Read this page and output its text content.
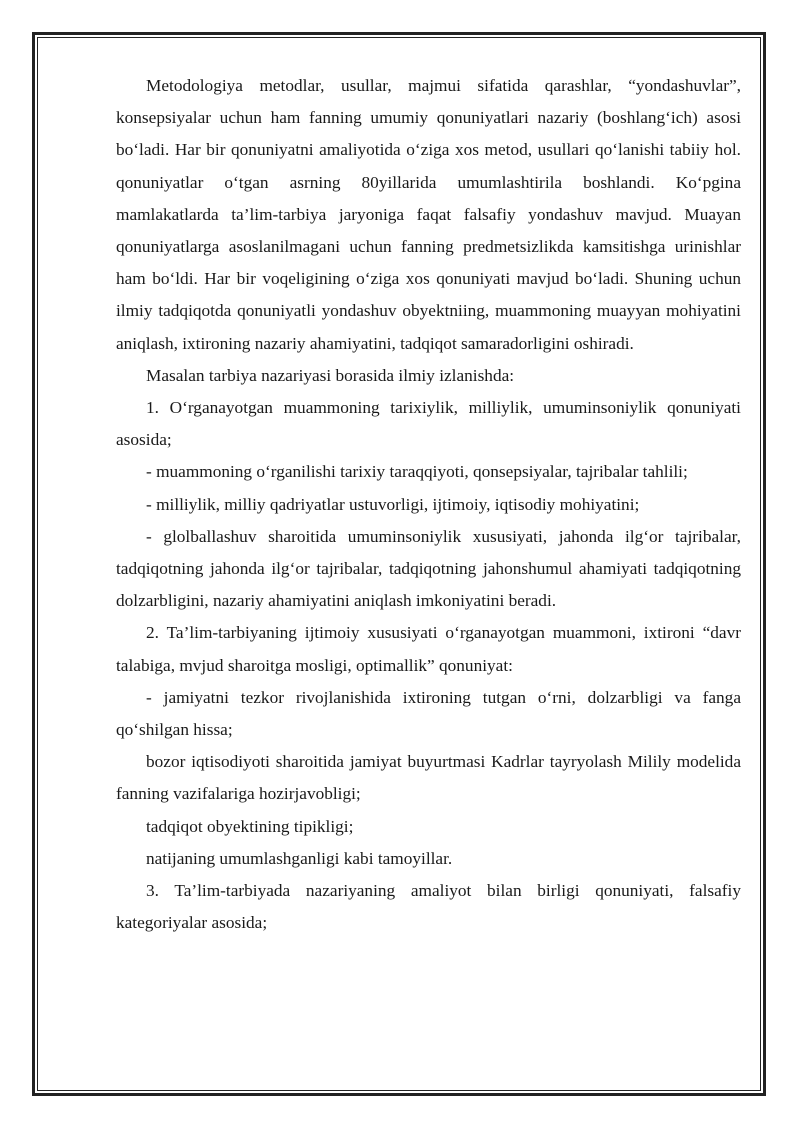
Metodologiya metodlar, usullar, majmui sifatida qarashlar, “yondashuvlar”, konsepsiyalar uchun ham fanning umumiy qonuniyatlari nazariy (boshlang‘ich) asosi bo‘ladi. Har bir qonuniyatni amaliyotida o‘ziga xos metod, usullari qo‘lanishi tabiiy hol. qonuniyatlar o‘tgan asrning 80yillarida umumlashtirila boshlandi. Ko‘pgina mamlakatlarda ta’lim-tarbiya jaryoniga faqat falsafiy yondashuv mavjud. Muayan qonuniyatlarga asoslanilmagani uchun fanning predmetsizlikda kamsitishga urinishlar ham bo‘ldi. Har bir voqeligining o‘ziga xos qonuniyati mavjud bo‘ladi. Shuning uchun ilmiy tadqiqotda qonuniyatli yondashuv obyektniing, muammoning muayyan mohiyatini aniqlash, ixtironing nazariy ahamiyatini, tadqiqot samaradorligini oshiradi.

Masalan tarbiya nazariyasi borasida ilmiy izlanishda:

1. O‘rganayotgan muammoning tarixiylik, milliylik, umuminsoniylik qonuniyati asosida;

- muammoning o‘rganilishi tarixiy taraqqiyoti, qonsepsiyalar, tajribalar tahlili;

- milliylik, milliy qadriyatlar ustuvorligi, ijtimoiy, iqtisodiy mohiyatini;

- glolballashuv sharoitida umuminsoniylik xususiyati, jahonda ilg‘or tajribalar, tadqiqotning jahonda ilg‘or tajribalar, tadqiqotning jahonshumul ahamiyati tadqiqotning dolzarbligini, nazariy ahamiyatini aniqlash imkoniyatini beradi.

2. Ta’lim-tarbiyaning ijtimoiy xususiyati o‘rganayotgan muammoni, ixtironi “davr talabiga, mvjud sharoitga mosligi, optimallik” qonuniyat:

- jamiyatni tezkor rivojlanishida ixtironing tutgan o‘rni, dolzarbligi va fanga qo‘shilgan hissa;

bozor iqtisodiyoti sharoitida jamiyat buyurtmasi Kadrlar tayryolash Milily modelida fanning vazifalariga hozirjavobligi;

tadqiqot obyektining tipikligi;

natijaning umumlashganligi kabi tamoyillar.

3. Ta’lim-tarbiyada nazariyaning amaliyot bilan birligi qonuniyati, falsafiy kategoriyalar asosida;
